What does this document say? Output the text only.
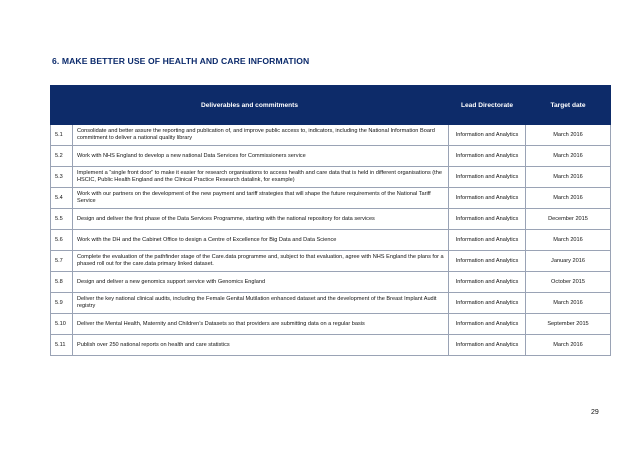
6. MAKE BETTER USE OF HEALTH AND CARE INFORMATION
Deliverables and commitments		Lead Directorate	Target date
5.1	Consolidate and better assure the reporting and publication of, and improve public access to, indicators, including the National Information Board commitment to deliver a national quality library	Information and Analytics	March 2016
5.2	Work with NHS England to develop a new national Data Services for Commissioners service	Information and Analytics	March 2016
5.3	Implement a “single front door” to make it easier for research organisations to access health and care data that is held in different organisations (the HSCIC, Public Health England and the Clinical Practice Research datalink, for example)	Information and Analytics	March 2016
5.4	Work with our partners on the development of the new payment and tariff strategies that will shape the future requirements of the National Tariff Service	Information and Analytics	March 2016
5.5	Design and deliver the first phase of the Data Services Programme, starting with the national repository for data services	Information and Analytics	December 2015
5.6	Work with the DH and the Cabinet Office to design a Centre of Excellence for Big Data and Data Science	Information and Analytics	March 2016
5.7	Complete the evaluation of the pathfinder stage of the Care.data programme and, subject to that evaluation, agree with NHS England the plans for a phased roll out for the care.data primary linked dataset.	Information and Analytics	January 2016
5.8	Design and deliver a new genomics support service with Genomics England	Information and Analytics	October 2015
5.9	Deliver the key national clinical audits, including the Female Genital Mutilation enhanced dataset and the development of the Breast Implant Audit registry	Information and Analytics	March 2016
5.10	Deliver the Mental Health, Maternity and Children’s Datasets so that providers are submitting data on a regular basis	Information and Analytics	September 2015
5.11	Publish over 250 national reports on health and care statistics	Information and Analytics	March 2016
29
